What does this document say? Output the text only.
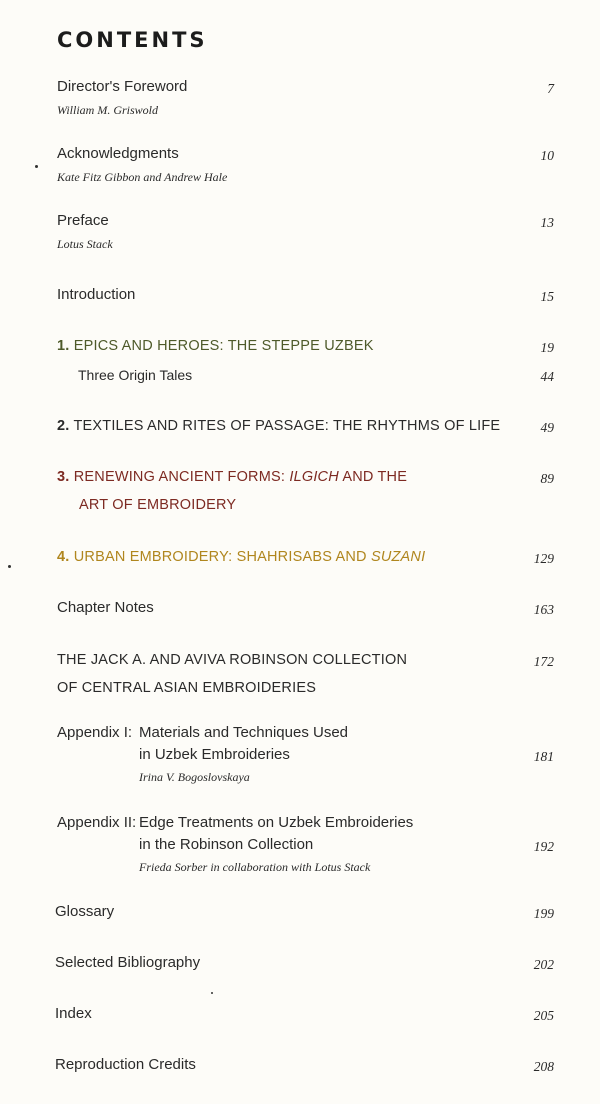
CONTENTS
Director's Foreword
William M. Griswold
7
Acknowledgments
Kate Fitz Gibbon and Andrew Hale
10
Preface
Lotus Stack
13
Introduction	15
1. EPICS AND HEROES: THE STEPPE UZBEK	19
Three Origin Tales	44
2. TEXTILES AND RITES OF PASSAGE: THE RHYTHMS OF LIFE	49
3. RENEWING ANCIENT FORMS: ILGICH AND THE
ART OF EMBROIDERY
89
4. URBAN EMBROIDERY: SHAHRISABS AND SUZANI	129
Chapter Notes	163
THE JACK A. AND AVIVA ROBINSON COLLECTION
OF CENTRAL ASIAN EMBROIDERIES
172
Appendix I: Materials and Techniques Used
in Uzbek Embroideries
Irina V. Bogoslovskaya
181
Appendix II: Edge Treatments on Uzbek Embroideries
in the Robinson Collection
Frieda Sorber in collaboration with Lotus Stack
192
Glossary	199
Selected Bibliography	202
Index	205
Reproduction Credits	208
